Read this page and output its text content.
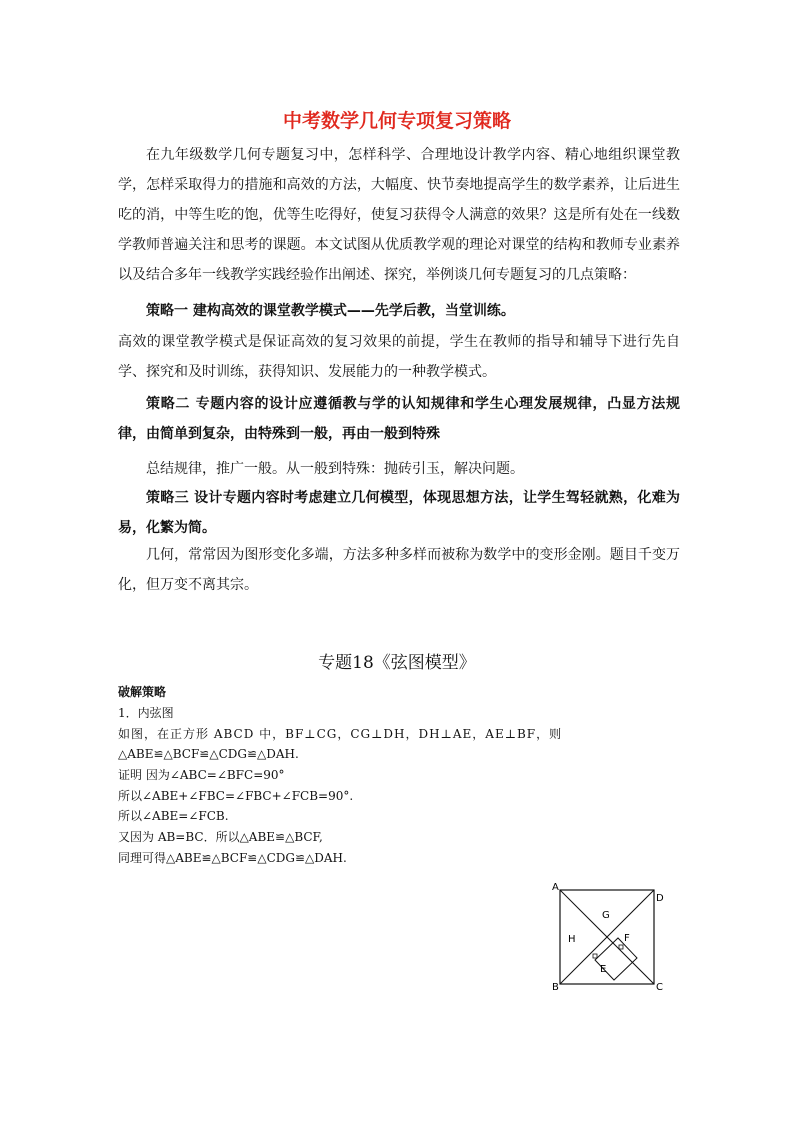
中考数学几何专项复习策略
在九年级数学几何专题复习中，怎样科学、合理地设计教学内容、精心地组织课堂教学，怎样采取得力的措施和高效的方法，大幅度、快节奏地提高学生的数学素养，让后进生吃的消，中等生吃的饱，优等生吃得好，使复习获得令人满意的效果？这是所有处在一线数学教师普遍关注和思考的课题。本文试图从优质教学观的理论对课堂的结构和教师专业素养以及结合多年一线教学实践经验作出阐述、探究，举例谈几何专题复习的几点策略：
策略一 建构高效的课堂教学模式——先学后教，当堂训练。
高效的课堂教学模式是保证高效的复习效果的前提，学生在教师的指导和辅导下进行先自学、探究和及时训练，获得知识、发展能力的一种教学模式。
策略二 专题内容的设计应遵循教与学的认知规律和学生心理发展规律，凸显方法规律，由简单到复杂，由特殊到一般，再由一般到特殊
总结规律，推广一般。从一般到特殊：抛砖引玉，解决问题。
策略三 设计专题内容时考虑建立几何模型，体现思想方法，让学生驾轻就熟，化难为易，化繁为简。
几何，常常因为图形变化多端，方法多种多样而被称为数学中的变形金刚。题目千变万化，但万变不离其宗。
专题18《弦图模型》
破解策略
1．内弦图
如图，在正方形 ABCD 中，BF⊥CG，CG⊥DH，DH⊥AE，AE⊥BF，则
△ABE≌△BCF≌△CDG≌△DAH.
证明 因为∠ABC=∠BFC=90°
所以∠ABE+∠FBC=∠FBC+∠FCB=90°.
所以∠ABE=∠FCB.
又因为 AB=BC．所以△ABE≌△BCF,
同理可得△ABE≌△BCF≌△CDG≌△DAH.
A
B	C
D
E
F
G
H
